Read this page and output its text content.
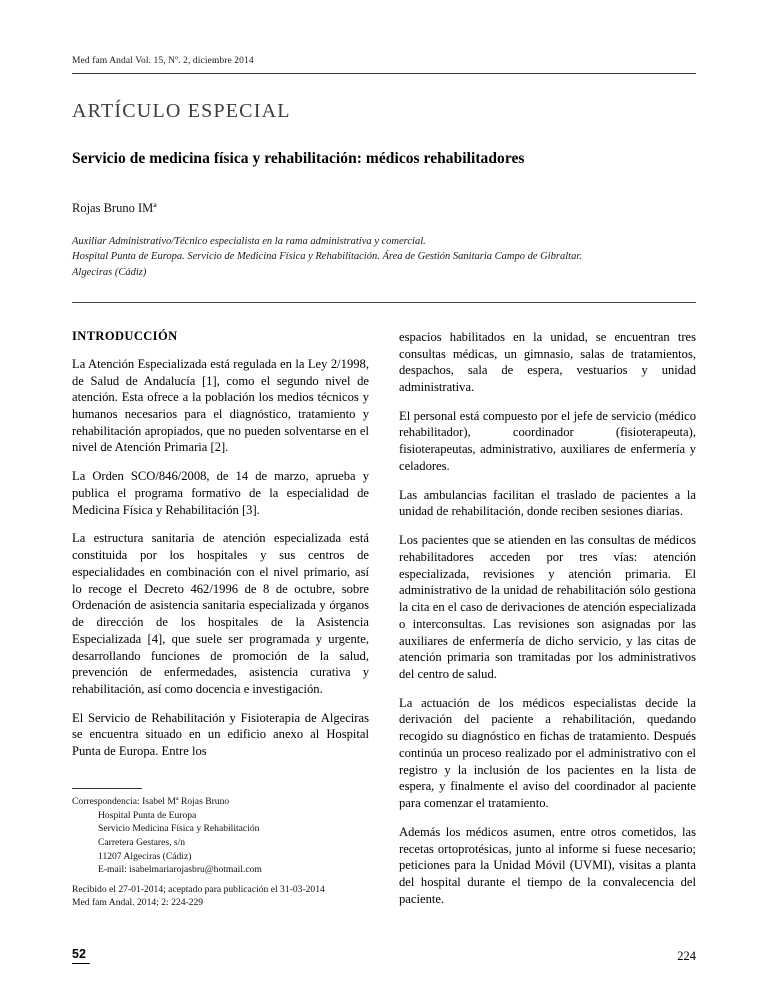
Med fam Andal Vol. 15, Nº. 2, diciembre 2014
ARTÍCULO ESPECIAL
Servicio de medicina física y rehabilitación: médicos rehabilitadores
Rojas Bruno IMª
Auxiliar Administrativo/Técnico especialista en la rama administrativa y comercial.
Hospital Punta de Europa. Servicio de Medicina Física y Rehabilitación. Área de Gestión Sanitaria Campo de Gibraltar.
Algeciras (Cádiz)
INTRODUCCIÓN

La Atención Especializada está regulada en la Ley 2/1998, de Salud de Andalucía [1], como el segundo nivel de atención. Esta ofrece a la población los medios técnicos y humanos necesarios para el diagnóstico, tratamiento y rehabilitación apropiados, que no pueden solventarse en el nivel de Atención Primaria [2].

La Orden SCO/846/2008, de 14 de marzo, aprueba y publica el programa formativo de la especialidad de Medicina Física y Rehabilitación [3].

La estructura sanitaria de atención especializada está constituida por los hospitales y sus centros de especialidades en combinación con el nivel primario, así lo recoge el Decreto 462/1996 de 8 de octubre, sobre Ordenación de asistencia sanitaria especializada y órganos de dirección de los hospitales de la Asistencia Especializada [4], que suele ser programada y urgente, desarrollando funciones de promoción de la salud, prevención de enfermedades, asistencia curativa y rehabilitación, así como docencia e investigación.

El Servicio de Rehabilitación y Fisioterapia de Algeciras se encuentra situado en un edificio anexo al Hospital Punta de Europa. Entre los

espacios habilitados en la unidad, se encuentran tres consultas médicas, un gimnasio, salas de tratamientos, despachos, sala de espera, vestuarios y unidad administrativa.

El personal está compuesto por el jefe de servicio (médico rehabilitador), coordinador (fisioterapeuta), fisioterapeutas, administrativo, auxiliares de enfermería y celadores.

Las ambulancias facilitan el traslado de pacientes a la unidad de rehabilitación, donde reciben sesiones diarias.

Los pacientes que se atienden en las consultas de médicos rehabilitadores acceden por tres vías: atención especializada, revisiones y atención primaria. El administrativo de la unidad de rehabilitación sólo gestiona la cita en el caso de derivaciones de atención especializada o interconsultas. Las revisiones son asignadas por las auxiliares de enfermería de dicho servicio, y las citas de atención primaria son tramitadas por los administrativos del centro de salud.

La actuación de los médicos especialistas decide la derivación del paciente a rehabilitación, quedando recogido su diagnóstico en fichas de tratamiento. Después continúa un proceso realizado por el administrativo con el registro y la inclusión de los pacientes en la lista de espera, y finalmente el aviso del coordinador al paciente para comenzar el tratamiento.

Además los médicos asumen, entre otros cometidos, las recetas ortoprotésicas, junto al informe si fuese necesario; peticiones para la Unidad Móvil (UVMI), visitas a planta del hospital durante el tiempo de la convalecencia del paciente.

Correspondencia: Isabel Mª Rojas Bruno
Hospital Punta de Europa
Servicio Medicina Física y Rehabilitación
Carretera Gestares, s/n
11207 Algeciras (Cádiz)
E-mail: isabelmariarojasbru@hotmail.com
Recibido el 27-01-2014; aceptado para publicación el 31-03-2014
Med fam Andal. 2014; 2: 224-229
52	224
